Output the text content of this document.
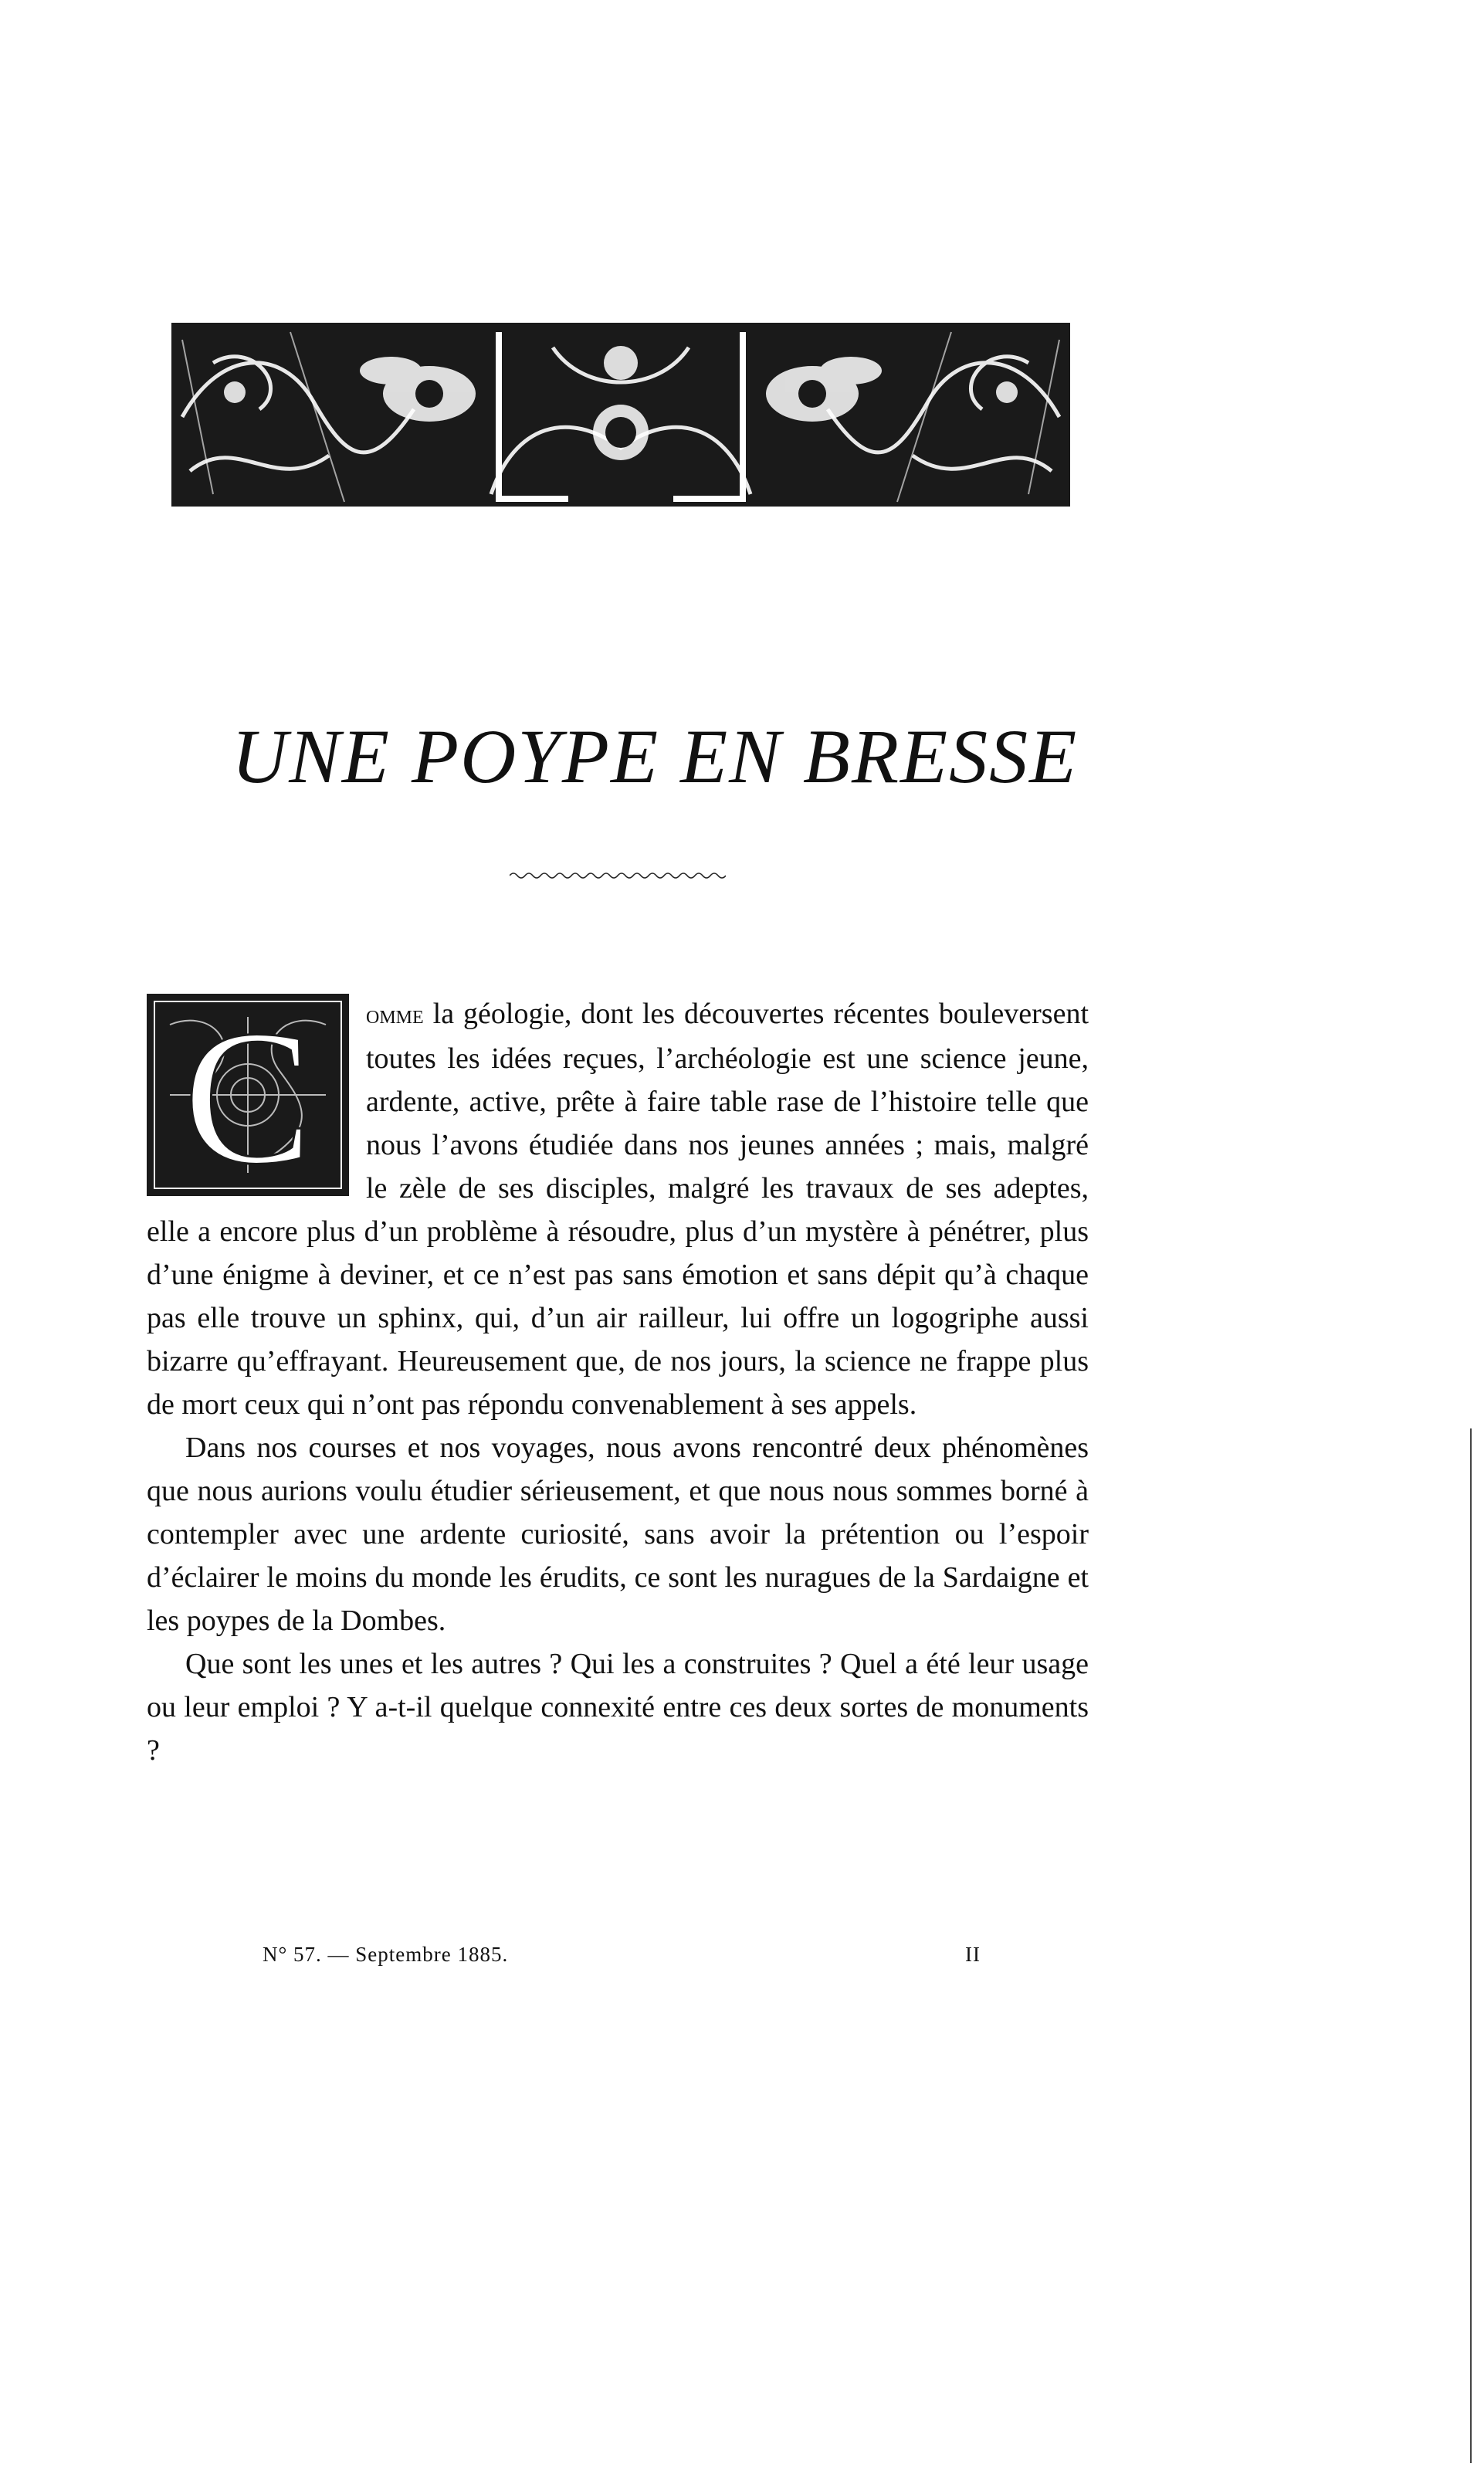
UNE POYPE EN BRESSE

C omme la géologie, dont les découvertes récentes bouleversent toutes les idées reçues, l’archéologie est une science jeune, ardente, active, prête à faire table rase de l’histoire telle que nous l’avons étudiée dans nos jeunes années ; mais, malgré le zèle de ses disciples, malgré les travaux de ses adeptes, elle a encore plus d’un problème à résoudre, plus d’un mystère à pénétrer, plus d’une énigme à deviner, et ce n’est pas sans émotion et sans dépit qu’à chaque pas elle trouve un sphinx, qui, d’un air railleur, lui offre un logogriphe aussi bizarre qu’effrayant. Heureusement que, de nos jours, la science ne frappe plus de mort ceux qui n’ont pas répondu convenablement à ses appels.

Dans nos courses et nos voyages, nous avons rencontré deux phénomènes que nous aurions voulu étudier sérieusement, et que nous nous sommes borné à contempler avec une ardente curiosité, sans avoir la prétention ou l’espoir d’éclairer le moins du monde les érudits, ce sont les nuragues de la Sardaigne et les poypes de la Dombes.

Que sont les unes et les autres ? Qui les a construites ? Quel a été leur usage ou leur emploi ? Y a-t-il quelque connexité entre ces deux sortes de monuments ?

N° 57. — Septembre 1885.	II
